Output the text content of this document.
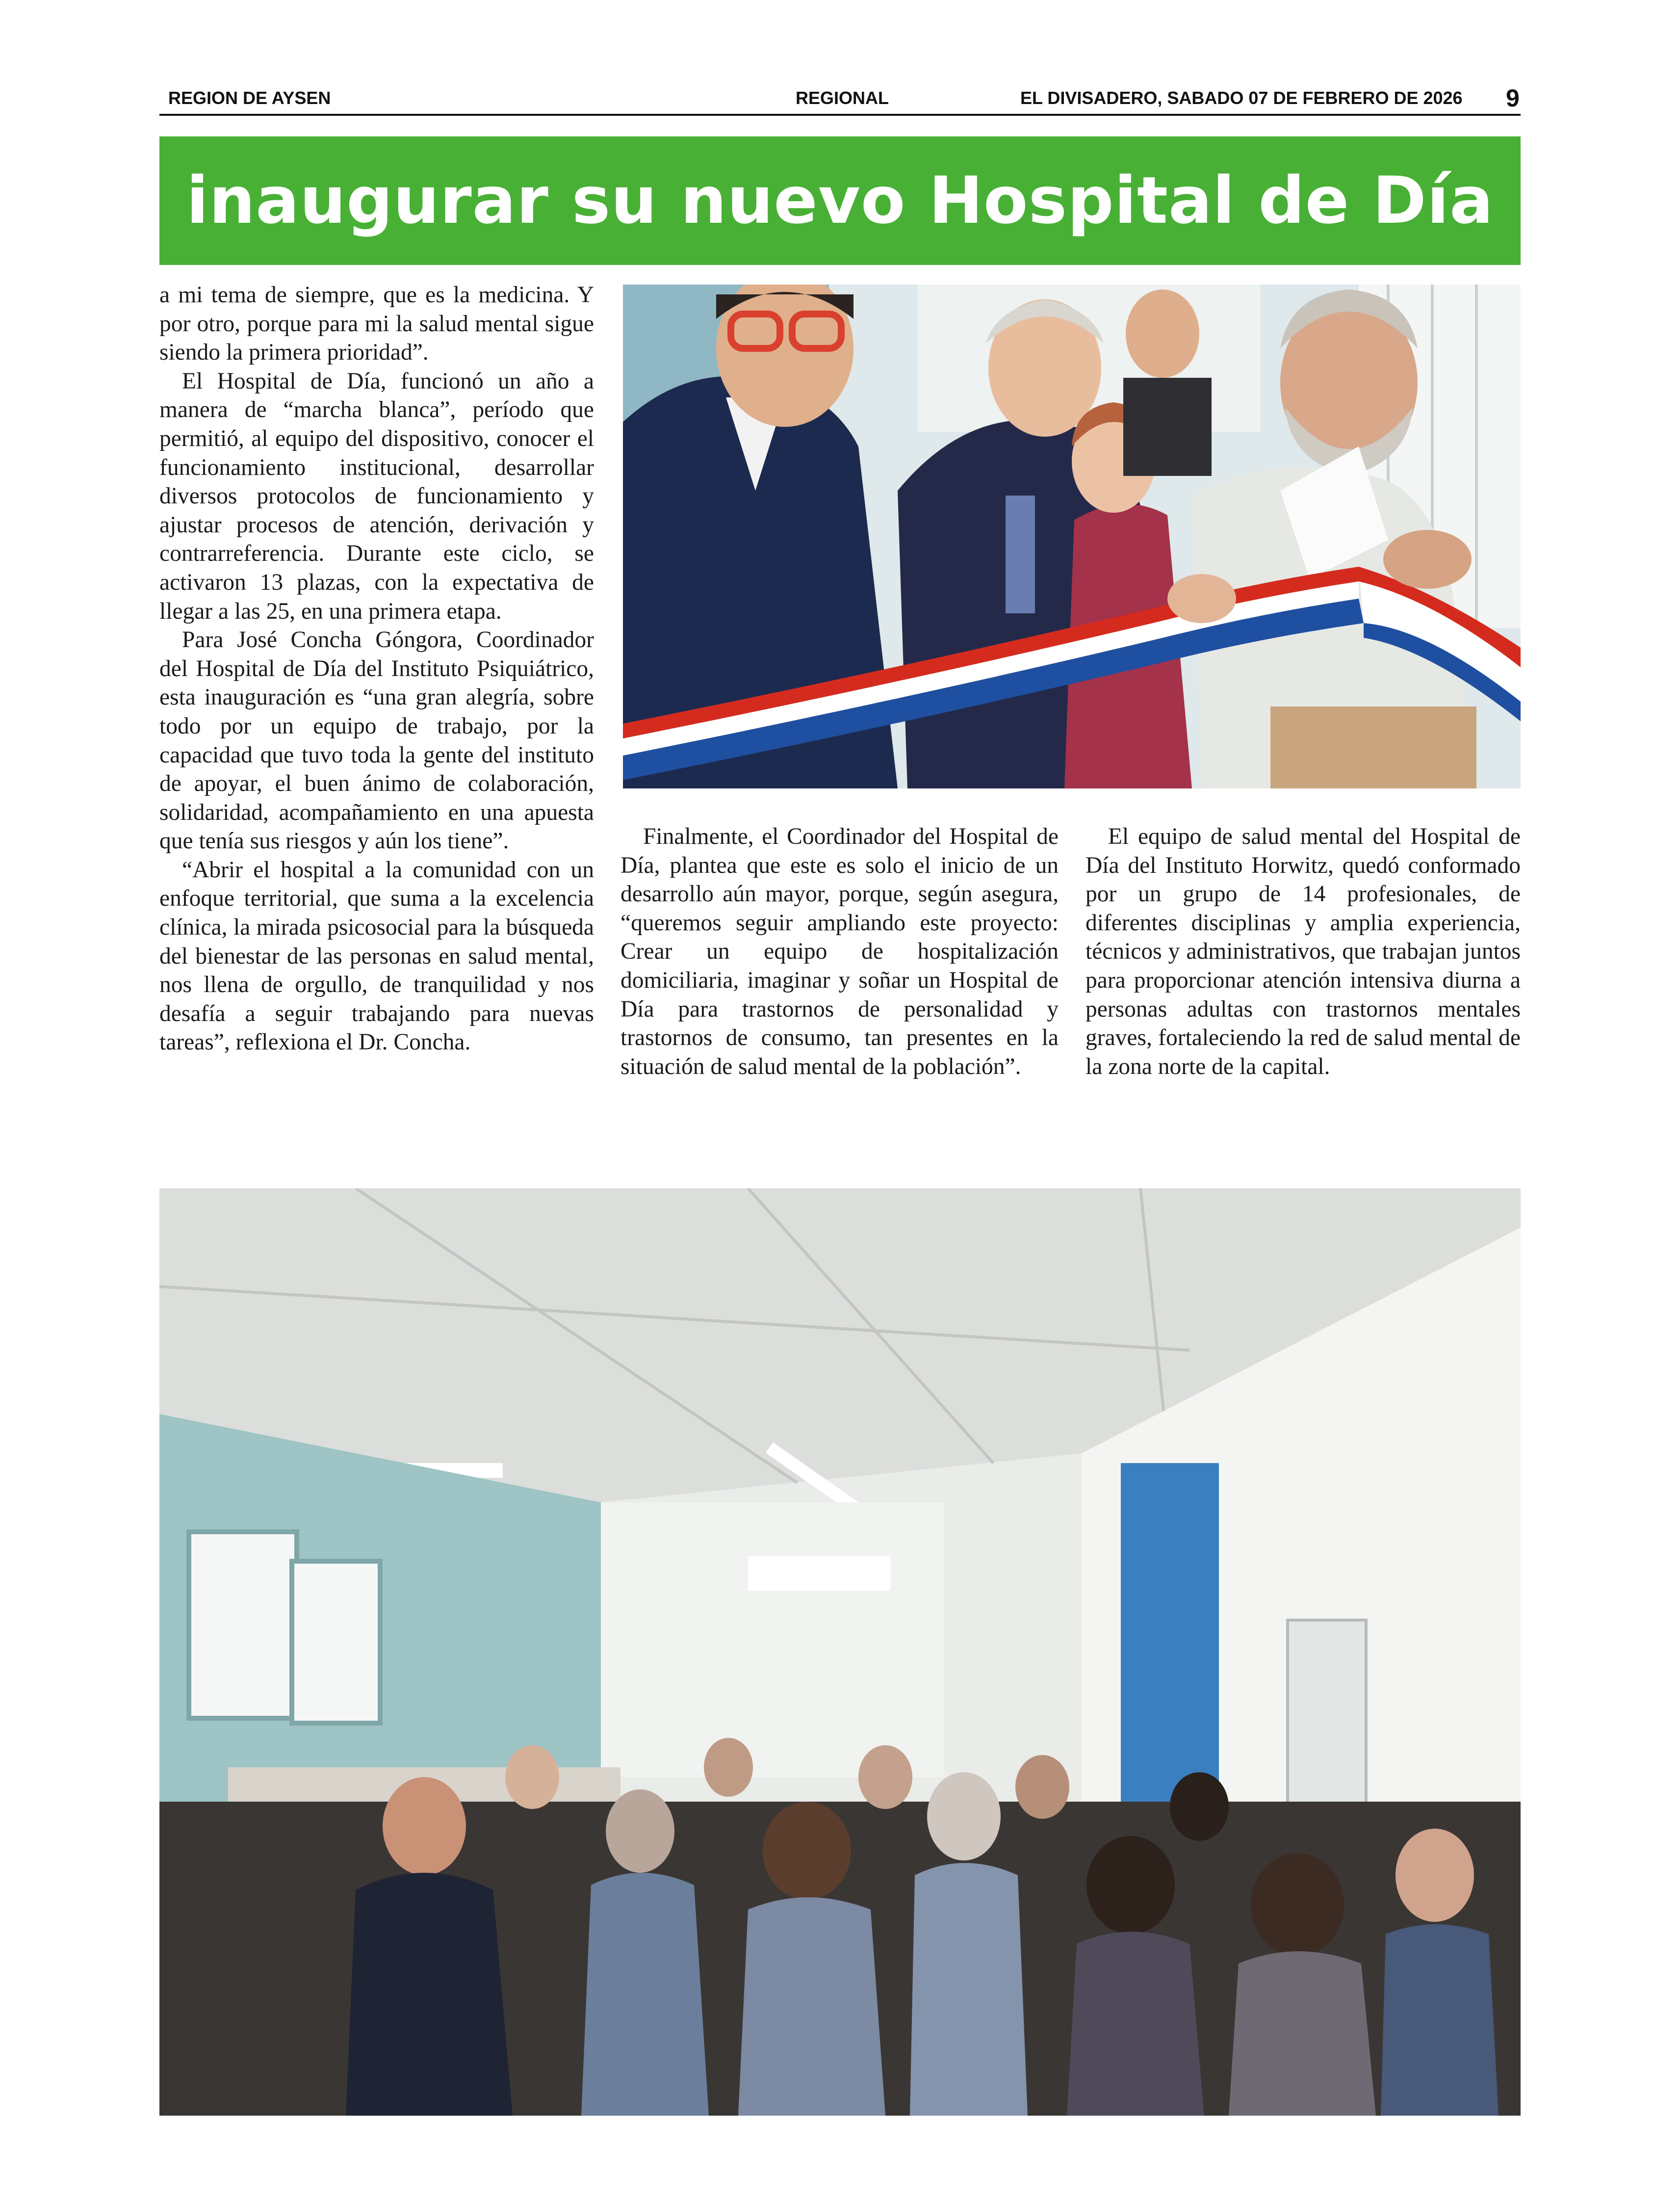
REGION DE AYSEN	REGIONAL	EL DIVISADERO, SABADO 07 DE FEBRERO DE 2026 9
inaugurar su nuevo Hospital de Día

a mi tema de siempre, que es la medicina. Y por otro, porque para mi la salud mental sigue siendo la primera prioridad”.

El Hospital de Día, funcionó un año a manera de “marcha blanca”, período que permitió, al equipo del dispositivo, conocer el funcionamiento institucional, desarrollar diversos protocolos de funcionamiento y ajustar procesos de atención, derivación y contrarreferencia. Durante este ciclo, se activaron 13 plazas, con la expectativa de llegar a las 25, en una primera etapa.

Para José Concha Góngora, Coordinador del Hospital de Día del Instituto Psiquiátrico, esta inauguración es “una gran alegría, sobre todo por un equipo de trabajo, por la capacidad que tuvo toda la gente del instituto de apoyar, el buen ánimo de colaboración, solidaridad, acompañamiento en una apuesta que tenía sus riesgos y aún los tiene”.

“Abrir el hospital a la comunidad con un enfoque territorial, que suma a la excelencia clínica, la mirada psicosocial para la búsqueda del bienestar de las personas en salud mental, nos llena de orgullo, de tranquilidad y nos desafía a seguir trabajando para nuevas tareas”, reflexiona el Dr. Concha.

Finalmente, el Coordinador del Hospital de Día, plantea que este es solo el inicio de un desarrollo aún mayor, porque, según asegura, “queremos seguir ampliando este proyecto: Crear un equipo de hospitalización domiciliaria, imaginar y soñar un Hospital de Día para trastornos de personalidad y trastornos de consumo, tan presentes en la situación de salud mental de la población”.

El equipo de salud mental del Hospital de Día del Instituto Horwitz, quedó conformado por un grupo de 14 profesionales, de diferentes disciplinas y amplia experiencia, técnicos y administrativos, que trabajan juntos para proporcionar atención intensiva diurna a personas adultas con trastornos mentales graves, fortaleciendo la red de salud mental de la zona norte de la capital.
